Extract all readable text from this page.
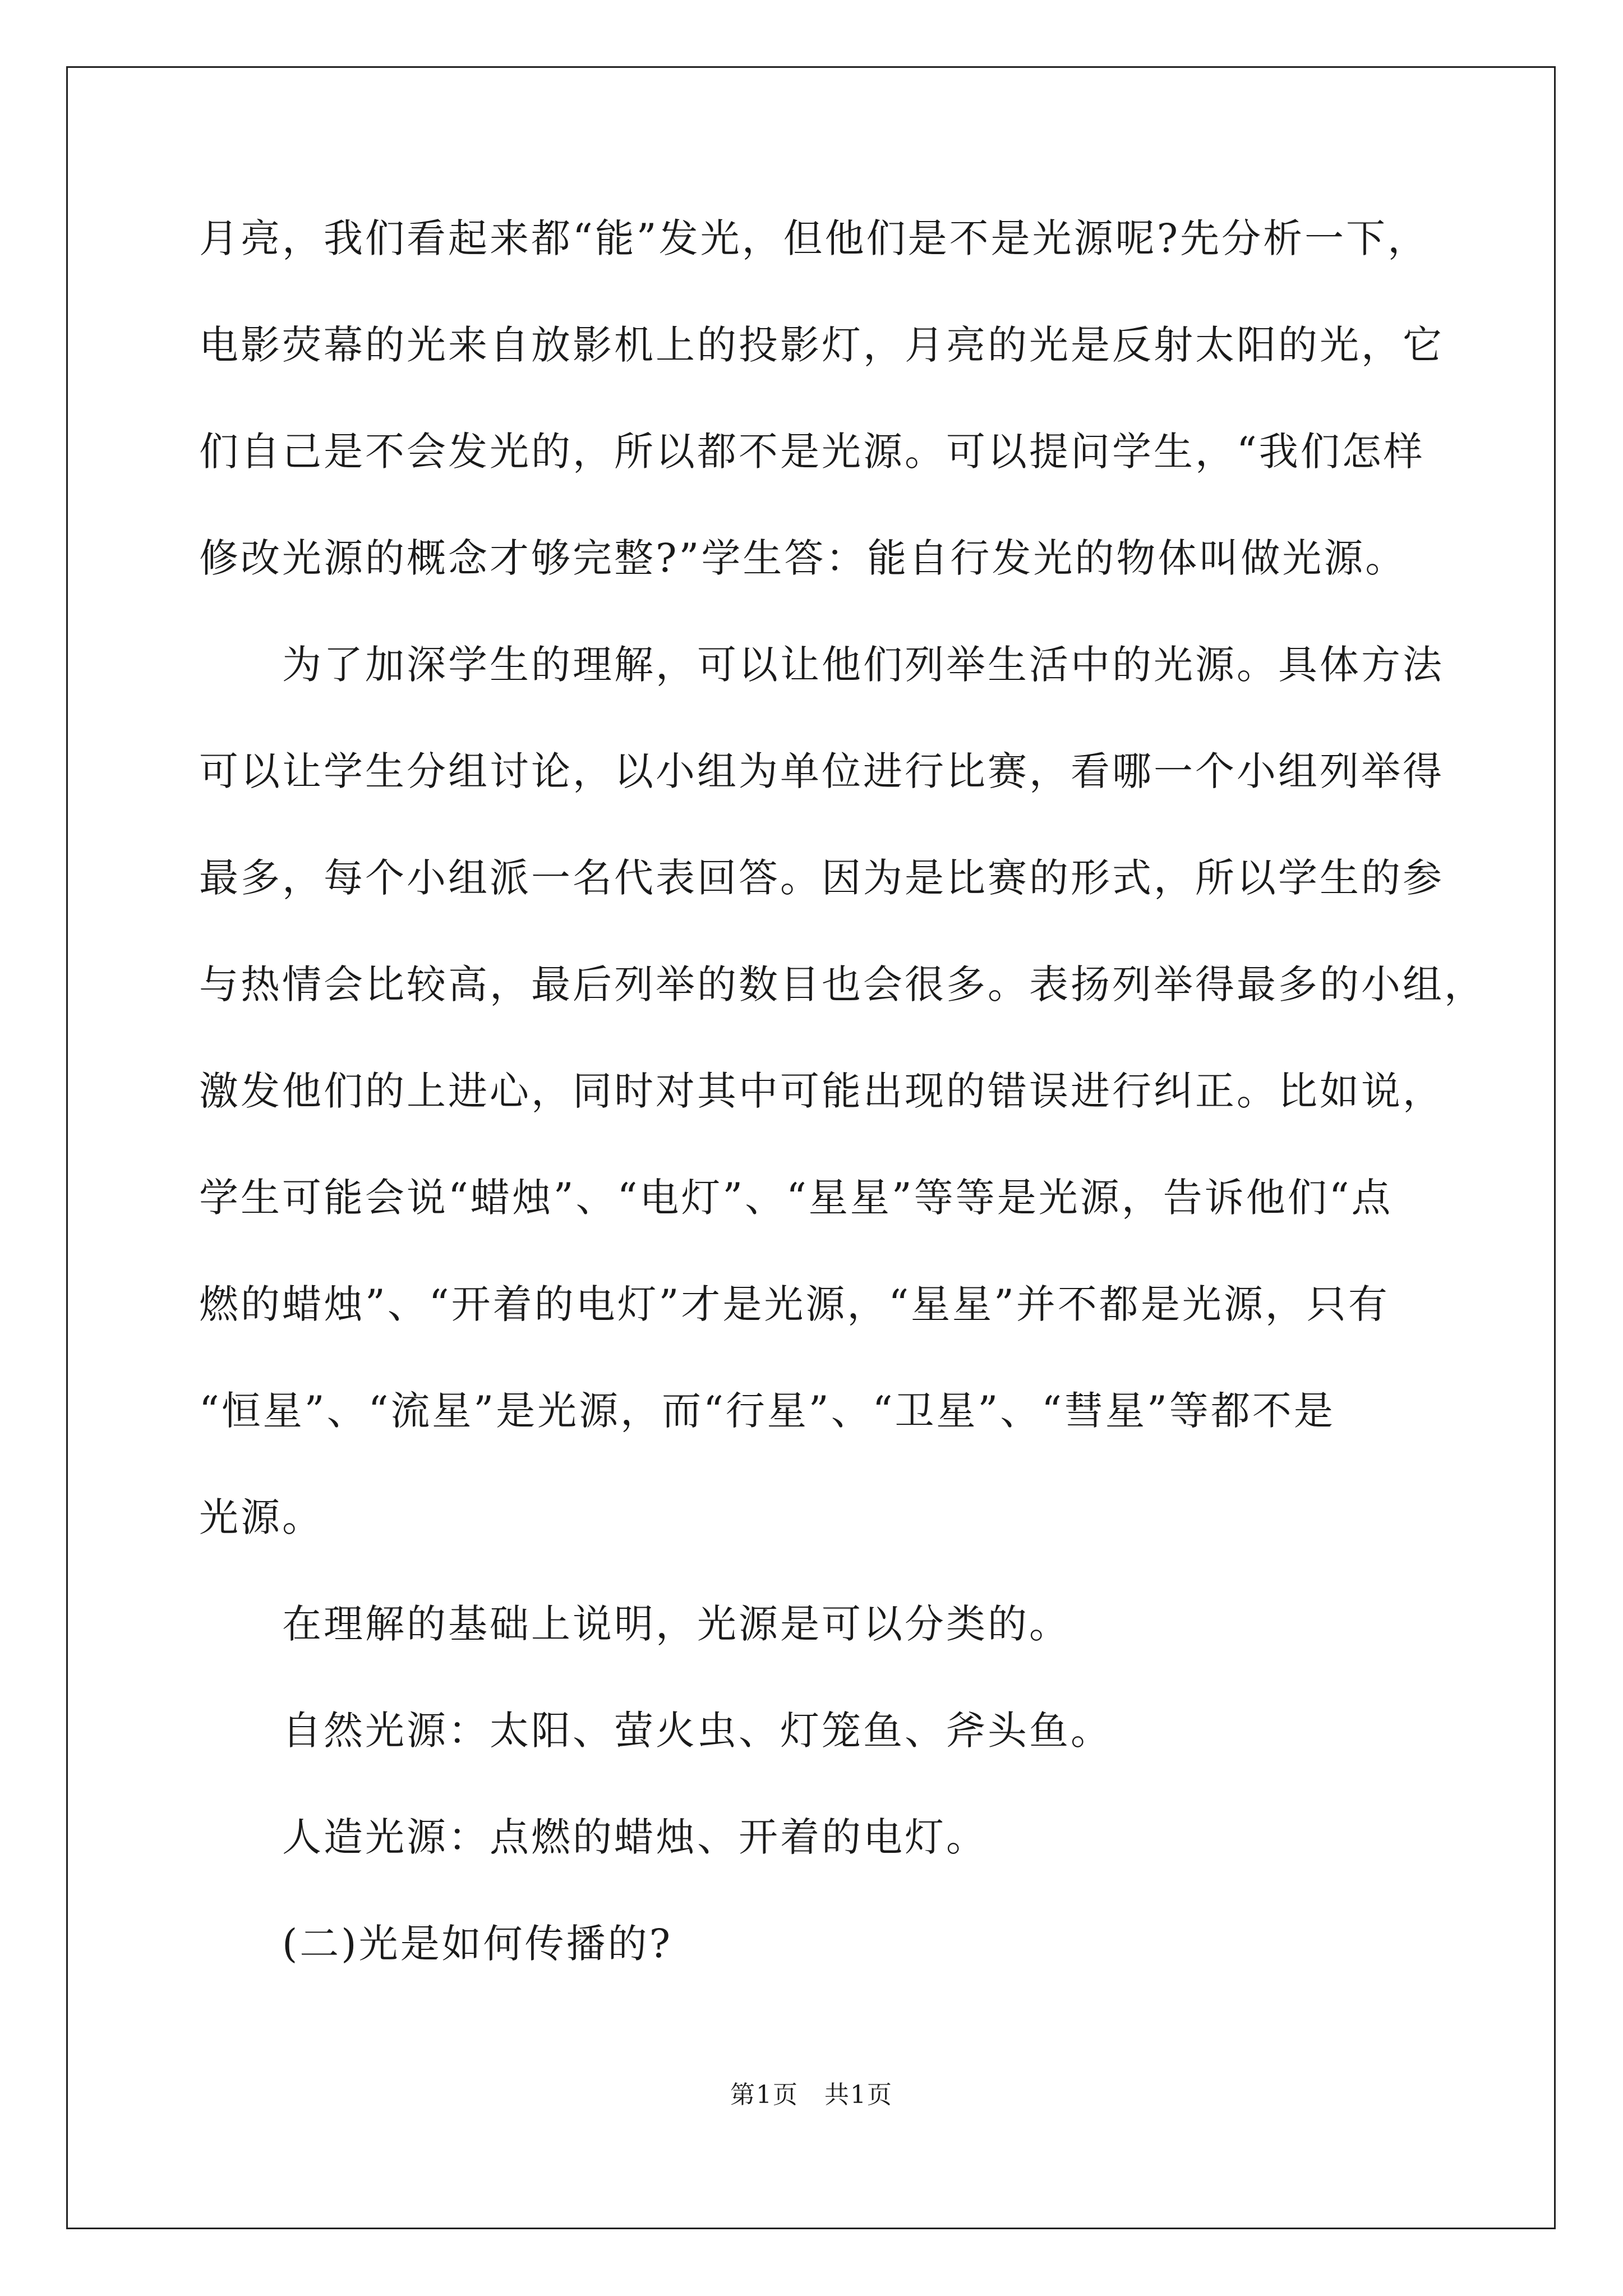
月亮，我们看起来都“能”发光，但他们是不是光源呢?先分析一下，
电影荧幕的光来自放影机上的投影灯，月亮的光是反射太阳的光，它
们自己是不会发光的，所以都不是光源。可以提问学生，“我们怎样
修改光源的概念才够完整?”学生答：能自行发光的物体叫做光源。
为了加深学生的理解，可以让他们列举生活中的光源。具体方法
可以让学生分组讨论，以小组为单位进行比赛，看哪一个小组列举得
最多，每个小组派一名代表回答。因为是比赛的形式，所以学生的参
与热情会比较高，最后列举的数目也会很多。表扬列举得最多的小组，
激发他们的上进心，同时对其中可能出现的错误进行纠正。比如说，
学生可能会说“蜡烛”、“电灯”、“星星”等等是光源，告诉他们“点
燃的蜡烛”、“开着的电灯”才是光源，“星星”并不都是光源，只有
“恒星”、“流星”是光源，而“行星”、“卫星”、“彗星”等都不是
光源。
在理解的基础上说明，光源是可以分类的。
自然光源：太阳、萤火虫、灯笼鱼、斧头鱼。
人造光源：点燃的蜡烛、开着的电灯。
(二)光是如何传播的?
第1页　共1页
